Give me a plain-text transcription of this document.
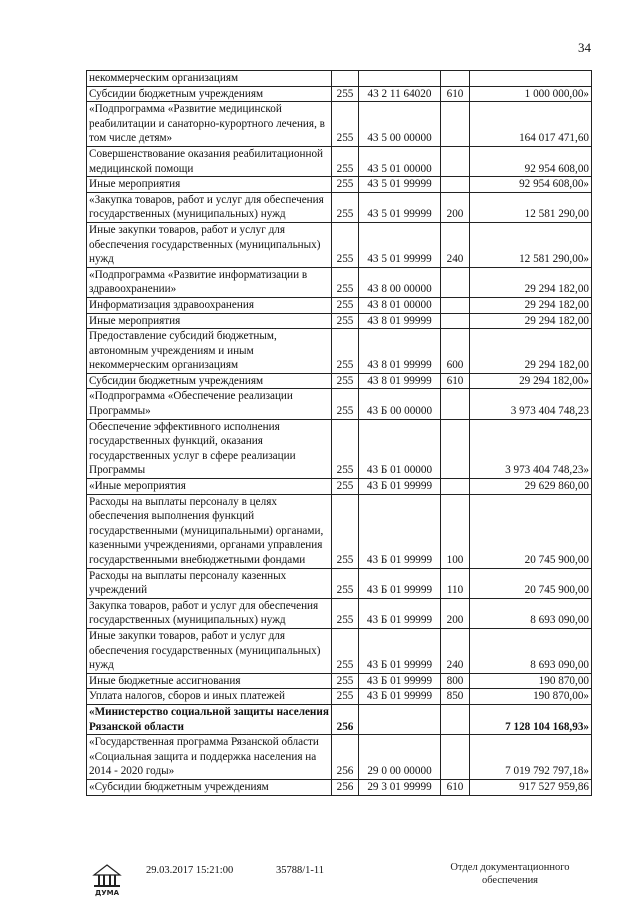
34
некоммерческим организациям				
Субсидии бюджетным учреждениям	255	43 2 11 64020	610	1 000 000,00»
«Подпрограмма «Развитие медицинской реабилитации и санаторно-курортного лечения, в том числе детям»	255	43 5 00 00000		164 017 471,60
Совершенствование оказания реабилитационной медицинской помощи	255	43 5 01 00000		92 954 608,00
Иные мероприятия	255	43 5 01 99999		92 954 608,00»
«Закупка товаров, работ и услуг для обеспечения государственных (муниципальных) нужд	255	43 5 01 99999	200	12 581 290,00
Иные закупки товаров, работ и услуг для обеспечения государственных (муниципальных) нужд	255	43 5 01 99999	240	12 581 290,00»
«Подпрограмма «Развитие информатизации в здравоохранении»	255	43 8 00 00000		29 294 182,00
Информатизация здравоохранения	255	43 8 01 00000		29 294 182,00
Иные мероприятия	255	43 8 01 99999		29 294 182,00
Предоставление субсидий бюджетным, автономным учреждениям и иным некоммерческим организациям	255	43 8 01 99999	600	29 294 182,00
Субсидии бюджетным учреждениям	255	43 8 01 99999	610	29 294 182,00»
«Подпрограмма «Обеспечение реализации Программы»	255	43 Б 00 00000		3 973 404 748,23
Обеспечение эффективного исполнения государственных функций, оказания государственных услуг в сфере реализации Программы	255	43 Б 01 00000		3 973 404 748,23»
«Иные мероприятия	255	43 Б 01 99999		29 629 860,00
Расходы на выплаты персоналу в целях обеспечения выполнения функций государственными (муниципальными) органами, казенными учреждениями, органами управления государственными внебюджетными фондами	255	43 Б 01 99999	100	20 745 900,00
Расходы на выплаты персоналу казенных учреждений	255	43 Б 01 99999	110	20 745 900,00
Закупка товаров, работ и услуг для обеспечения государственных (муниципальных) нужд	255	43 Б 01 99999	200	8 693 090,00
Иные закупки товаров, работ и услуг для обеспечения государственных (муниципальных) нужд	255	43 Б 01 99999	240	8 693 090,00
Иные бюджетные ассигнования	255	43 Б 01 99999	800	190 870,00
Уплата налогов, сборов и иных платежей	255	43 Б 01 99999	850	190 870,00»
«Министерство социальной защиты населения Рязанской области	256			7 128 104 168,93»
«Государственная программа Рязанской области «Социальная защита и поддержка населения на 2014 - 2020 годы»	256	29 0 00 00000		7 019 792 797,18»
«Субсидии бюджетным учреждениям	256	29 3 01 99999	610	917 527 959,86
ДУМА
29.03.2017 15:21:00	35788/1-11	Отдел документационного обеспечения
